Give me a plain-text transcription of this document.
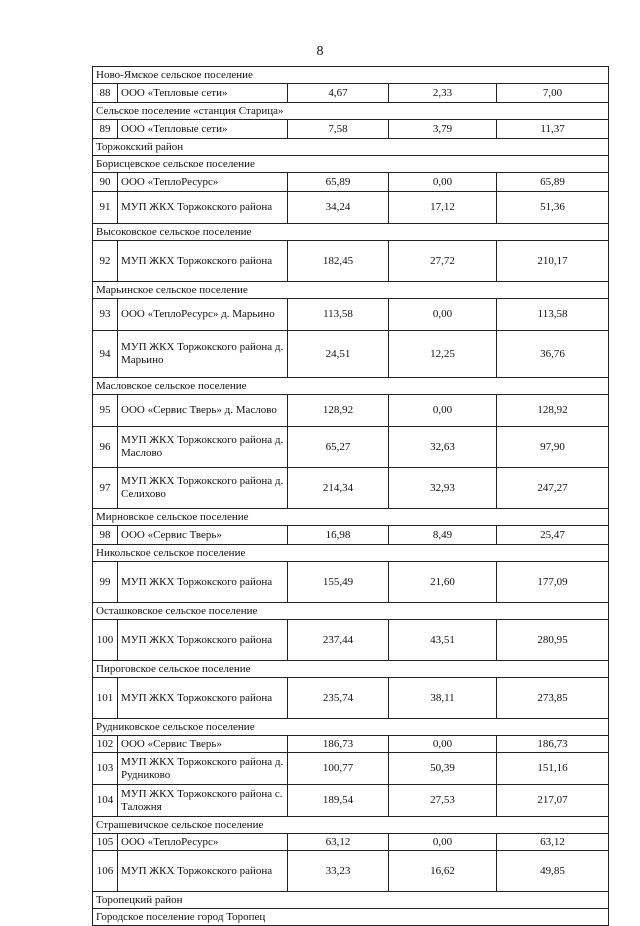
8
Ново-Ямское сельское поселение				
88	ООО «Тепловые сети»	4,67	2,33	7,00
Сельское поселение «станция Старица»				
89	ООО «Тепловые сети»	7,58	3,79	11,37
Торжокский район				
Борисцевское сельское поселение				
90	ООО «ТеплоРесурс»	65,89	0,00	65,89
91	МУП ЖКХ Торжокского района	34,24	17,12	51,36
Высоковское сельское поселение				
92	МУП ЖКХ Торжокского района	182,45	27,72	210,17
Марьинское сельское поселение				
93	ООО «ТеплоРесурс» д. Марьино	113,58	0,00	113,58
94	МУП ЖКХ Торжокского района д. Марьино	24,51	12,25	36,76
Масловское сельское поселение				
95	ООО «Сервис Тверь» д. Маслово	128,92	0,00	128,92
96	МУП ЖКХ Торжокского района д. Маслово	65,27	32,63	97,90
97	МУП ЖКХ Торжокского района д. Селихово	214,34	32,93	247,27
Мирновское сельское поселение				
98	ООО «Сервис Тверь»	16,98	8,49	25,47
Никольское сельское поселение				
99	МУП ЖКХ Торжокского района	155,49	21,60	177,09
Осташковское сельское поселение				
100	МУП ЖКХ Торжокского района	237,44	43,51	280,95
Пироговское сельское поселение				
101	МУП ЖКХ Торжокского района	235,74	38,11	273,85
Рудниковское сельское поселение				
102	ООО «Сервис Тверь»	186,73	0,00	186,73
103	МУП ЖКХ Торжокского района д. Рудниково	100,77	50,39	151,16
104	МУП ЖКХ Торжокского района с. Таложня	189,54	27,53	217,07
Страшевичское сельское поселение				
105	ООО «ТеплоРесурс»	63,12	0,00	63,12
106	МУП ЖКХ Торжокского района	33,23	16,62	49,85
Торопецкий район				
Городское поселение город Торопец				
